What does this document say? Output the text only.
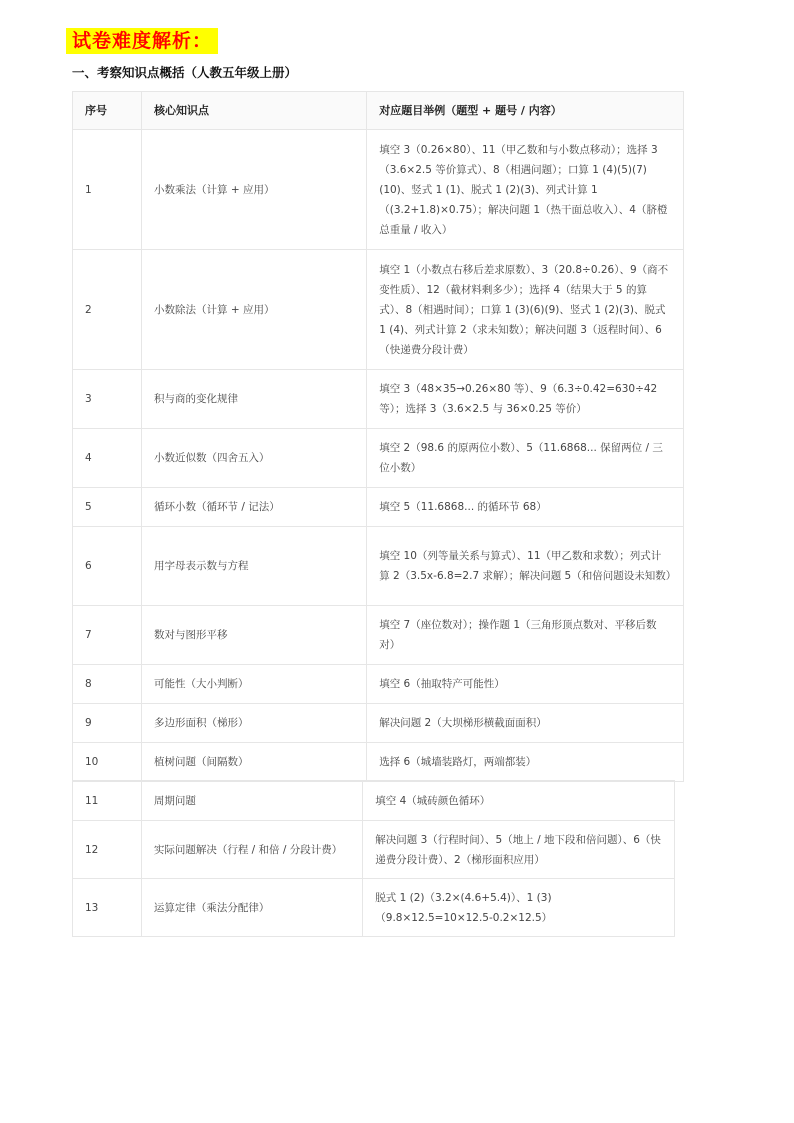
试卷难度解析：
一、考察知识点概括（人教五年级上册）
序号	核心知识点	对应题目举例（题型 + 题号 / 内容）
1	小数乘法（计算 + 应用）	填空 3（0.26×80）、11（甲乙数和与小数点移动）；选择 3（3.6×2.5 等价算式）、8（相遇问题）；口算 1 (4)(5)(7)(10)、竖式 1 (1)、脱式 1 (2)(3)、列式计算 1（(3.2+1.8)×0.75）；解决问题 1（热干面总收入）、4（脐橙总重量 / 收入）
2	小数除法（计算 + 应用）	填空 1（小数点右移后差求原数）、3（20.8÷0.26）、9（商不变性质）、12（截材料剩多少）；选择 4（结果大于 5 的算式）、8（相遇时间）；口算 1 (3)(6)(9)、竖式 1 (2)(3)、脱式 1 (4)、列式计算 2（求未知数）；解决问题 3（返程时间）、6（快递费分段计费）
3	积与商的变化规律	填空 3（48×35→0.26×80 等）、9（6.3÷0.42=630÷42 等）；选择 3（3.6×2.5 与 36×0.25 等价）
4	小数近似数（四舍五入）	填空 2（98.6 的原两位小数）、5（11.6868... 保留两位 / 三位小数）
5	循环小数（循环节 / 记法）	填空 5（11.6868... 的循环节 68）
6	用字母表示数与方程	填空 10（列等量关系与算式）、11（甲乙数和求数）；列式计算 2（3.5x-6.8=2.7 求解）；解决问题 5（和倍问题设未知数）
7	数对与图形平移	填空 7（座位数对）；操作题 1（三角形顶点数对、平移后数对）
8	可能性（大小判断）	填空 6（抽取特产可能性）
9	多边形面积（梯形）	解决问题 2（大坝梯形横截面面积）
10	植树问题（间隔数）	选择 6（城墙装路灯，两端都装）
11	周期问题	填空 4（城砖颜色循环）
12	实际问题解决（行程 / 和倍 / 分段计费）	解决问题 3（行程时间）、5（地上 / 地下段和倍问题）、6（快递费分段计费）、2（梯形面积应用）
13	运算定律（乘法分配律）	脱式 1 (2)（3.2×(4.6+5.4)）、1 (3)（9.8×12.5=10×12.5-0.2×12.5）
